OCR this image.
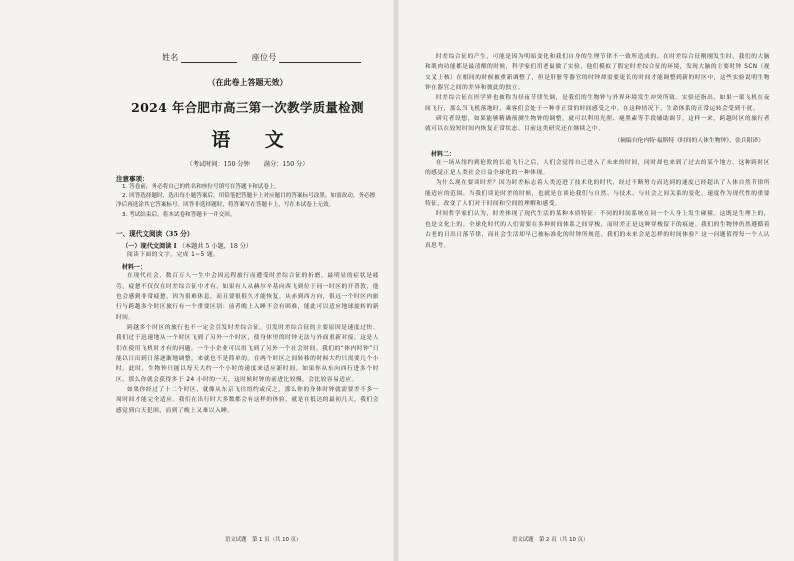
姓名	座位号
（在此卷上答题无效）
2024 年合肥市高三第一次教学质量检测
语 文
（考试时间：150 分钟 满分：150 分）
注意事项：
1. 答卷前，务必将自己的姓名和座位号填写在答题卡和试卷上。
2. 回答选择题时，选出每小题答案后，用铅笔把答题卡上对应题目的答案标号涂黑。如需改动，务必擦净后再选涂其它答案标号。回答非选择题时，将答案写在答题卡上，写在本试卷上无效。
3. 考试结束后，将本试卷和答题卡一并交回。
一、现代文阅读（35 分）
（一）现代文阅读 I （本题共 5 小题，18 分）
阅读下面的文字，完成 1~5 题。
材料一：
在现代社会，数百万人一生中会因远程旅行而遭受时差综合征的折磨，最明显的症状是疲劳。疲惫不仅仅在时差综合征中才有。如果有人从赫尔辛基向西飞到位于同一时区的开普敦，他也会感到非常疲惫，因为很难休息，而且要很很久才能恢复。从赤到西方向，很远一个时区内旅行与跨越多个时区旅行有一个重要区别：前者晚上入睡不会有困难，能此可以适应地球旋转的新时间。
跨越多个时区的旅行也不一定会引发时差综合征。引发时差综合征的主要原因是速度过快。我们过于迅速地从一个时区飞到了另外一个时区，使身体里的时钟无法与外面重新对接。这是人们在使用飞机时才有的问题。一个小企业可以用飞到了另外一个社会时间。我们的“体内时钟”只能以日出到日落逐渐地调整，来就也不是简单的。在两个时区之间转移的时候大约只需要几个小时。此时，生物钟只能以每天大约一个小时的速度来适应新时间。如果你从东向西行进多个时区，那么你就会获得多于 24 小时的一天，这时候时钟的前进比较慢，会比较容易适应。
如果你经过了十二个时区，就像从东京飞往纽约或反之，那么你的身体时钟就需要差不多一周时间才能完全适应。我们在出行时大多数都会有这样的体验，就是在抵达的最初几天，我们会感觉到白天犯困，而到了晚上又难以入睡。
时差综合征的产生，可能是因为明暗变化和我们自身的生理节律不一致所造成的。在时差综合征刚刚发生时，我们的大脑和肌肉功能都是最清醒的时候，科学家们用老鼠做了实验，他们模拟了假定时差综合征的环境，发现大脑的主要时钟 SCN（视交叉上核）在相同的时候被重新调整了，但是肝脏等器官的时钟却需要更长的时间才能调整到新的时区中，这些实验说明生物钟在器官之间的差异和彼此的独立。
时差综合征在医学界也被称为昼夜节律失调，是我们的生物钟与外界环境发生冲突所致。实验还指出，如果一架飞机在夜间飞行，那么当飞机落地时，乘客们会处于一种非正常的时间感受之中。在这种情况下，生命体系的正常运转会受到干扰。
研究者设想，如果能够精确预测生物钟的调整，就可以利用光照、褪黑素等手段辅助调节。这样一来，跨越时区的旅行者就可以在较短时间内恢复正常状态。目前这类研究还在继续之中。
（摘编自伦内特·福斯特《时间的人体生物钟》，张兵阳译）
材料二：
在一场从纽约到伦敦的长途飞行之后，人们会觉得自己进入了未来的时间，同时却也来到了过去的某个地方。这种跨时区的感觉正是人类社会日益全球化的一种体现。
为什么现在要谈时差？因为时差标志着人类迈进了技术化的时代，经过不断努力而达到的速度已经超出了人体自然节律所能适应的范围。当我们谈论时差的时候，也就是在谈论我们与自然、与技术、与社会之间关系的变化。速度作为现代性的重要特征，改变了人们对于时间和空间的理解和感受。
时间哲学家们认为，时差体现了现代生活的某种本质特征：不同的时间系统在同一个人身上发生碰撞。这既是生理上的，也是文化上的。全球化时代的人们需要在多种时间体系之间穿梭，而时差正是这种穿梭留下的痕迹。我们的生物钟仍然遵循着古老的日出日落节律，而社会生活却早已被标准化的时钟所规范。我们的未来会是怎样的时间体验？这一问题值得每一个人认真思考。
语文试题　第 1 页（共 10 页）	语文试题　第 2 页（共 10 页）
